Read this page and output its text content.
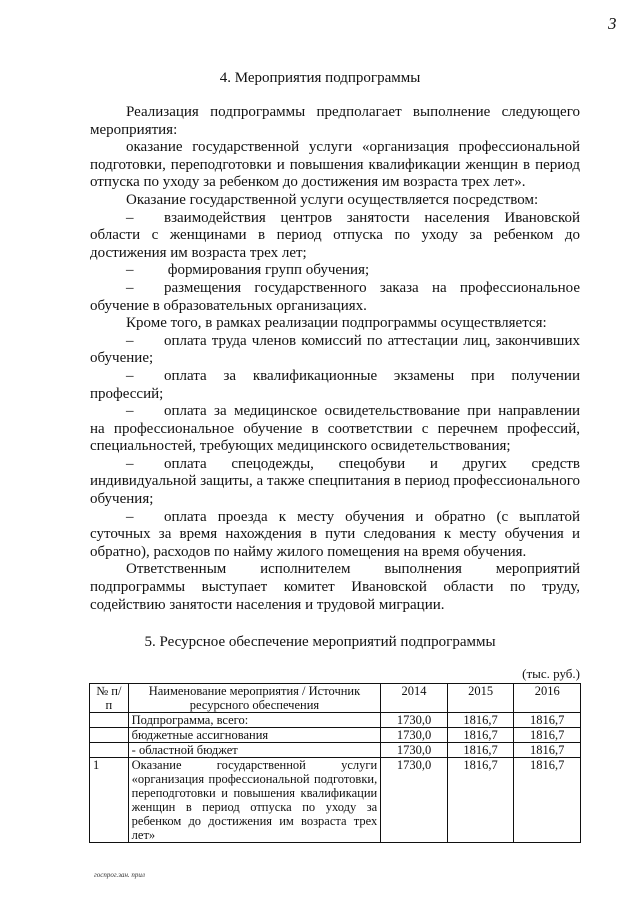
3
4. Мероприятия подпрограммы

Реализация подпрограммы предполагает выполнение следующего

мероприятия:

оказание государственной услуги «организация профессиональной подготовки, переподготовки и повышения квалификации женщин в период отпуска по уходу за ребенком до достижения им возраста трех лет».

Оказание государственной услуги осуществляется посредством:

– взаимодействия центров занятости населения Ивановской области с женщинами в период отпуска по уходу за ребенком до достижения им возраста трех лет;

– формирования групп обучения;

– размещения государственного заказа на профессиональное обучение в образовательных организациях.

Кроме того, в рамках реализации подпрограммы осуществляется:

– оплата труда членов комиссий по аттестации лиц, закончивших обучение;

– оплата за квалификационные экзамены при получении профессий;

– оплата за медицинское освидетельствование при направлении на профессиональное обучение в соответствии с перечнем профессий, специальностей, требующих медицинского освидетельствования;

– оплата спецодежды, спецобуви и других средств индивидуальной защиты, а также спецпитания в период профессионального обучения;

– оплата проезда к месту обучения и обратно (с выплатой суточных за время нахождения в пути следования к месту обучения и обратно), расходов по найму жилого помещения на время обучения.

Ответственным исполнителем выполнения мероприятий подпрограммы выступает комитет Ивановской области по труду, содействию занятости населения и трудовой миграции.

5. Ресурсное обеспечение мероприятий подпрограммы
(тыс. руб.)
№ п/п	Наименование мероприятия / Источник ресурсного обеспечения	2014	2015	2016
	Подпрограмма, всего:	1730,0	1816,7	1816,7
	бюджетные ассигнования	1730,0	1816,7	1816,7
	- областной бюджет	1730,0	1816,7	1816,7
1	Оказание государственной услуги «организация профессиональной подготовки, переподготовки и повышения квалификации женщин в период отпуска по уходу за ребенком до достижения им возраста трех лет»	1730,0	1816,7	1816,7
госпрог.зан. прил
